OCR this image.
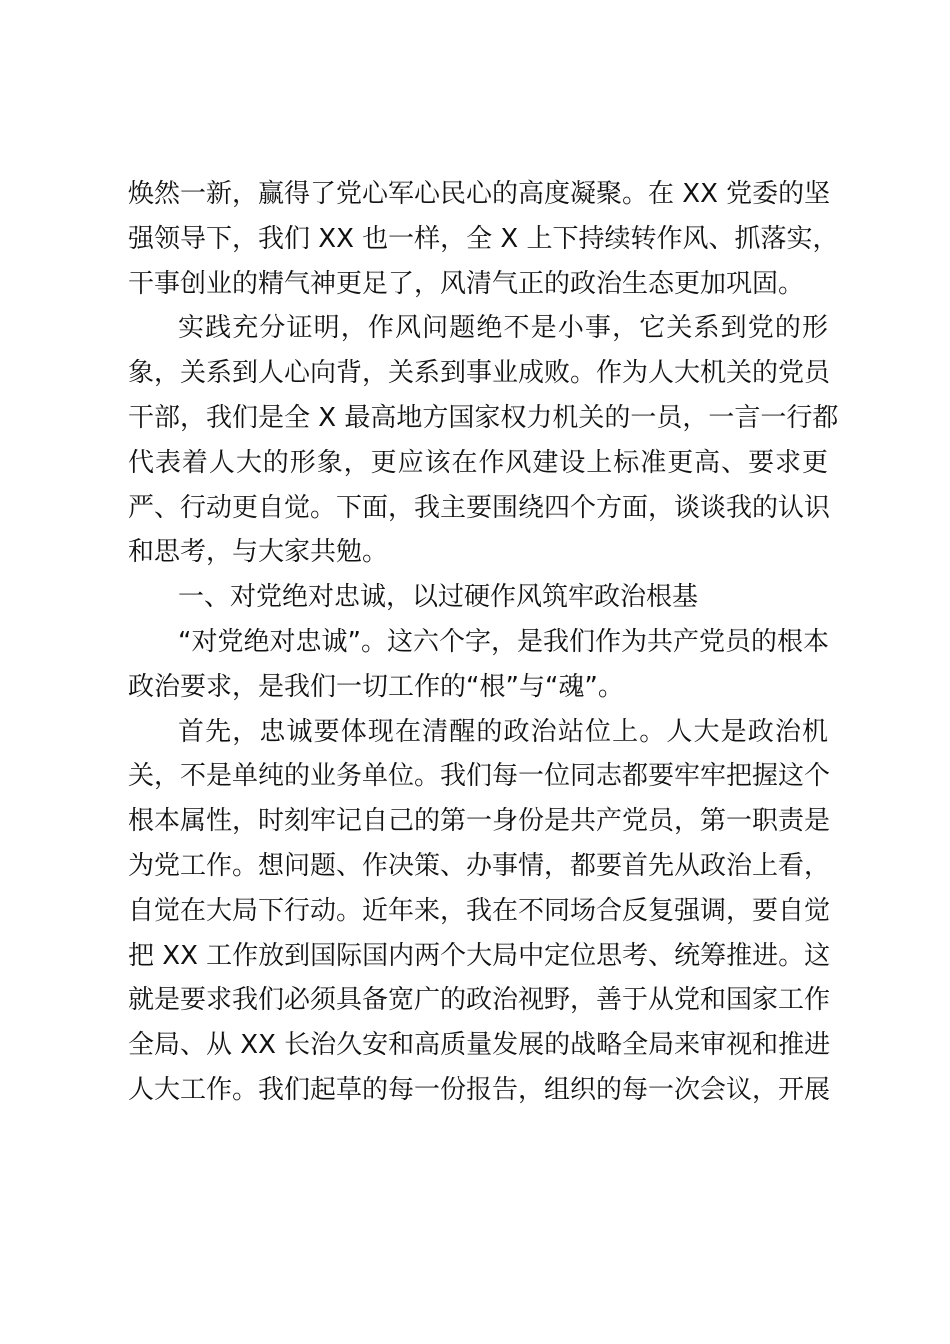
焕然一新，赢得了党心军心民心的高度凝聚。在 XX 党委的坚
强领导下，我们 XX 也一样，全 X 上下持续转作风、抓落实，
干事创业的精气神更足了，风清气正的政治生态更加巩固。
实践充分证明，作风问题绝不是小事，它关系到党的形
象，关系到人心向背，关系到事业成败。作为人大机关的党员
干部，我们是全 X 最高地方国家权力机关的一员，一言一行都
代表着人大的形象，更应该在作风建设上标准更高、要求更
严、行动更自觉。下面，我主要围绕四个方面，谈谈我的认识
和思考，与大家共勉。
一、对党绝对忠诚，以过硬作风筑牢政治根基
“对党绝对忠诚”。这六个字，是我们作为共产党员的根本
政治要求，是我们一切工作的“根”与“魂”。
首先，忠诚要体现在清醒的政治站位上。人大是政治机
关，不是单纯的业务单位。我们每一位同志都要牢牢把握这个
根本属性，时刻牢记自己的第一身份是共产党员，第一职责是
为党工作。想问题、作决策、办事情，都要首先从政治上看，
自觉在大局下行动。近年来，我在不同场合反复强调，要自觉
把 XX 工作放到国际国内两个大局中定位思考、统筹推进。这
就是要求我们必须具备宽广的政治视野，善于从党和国家工作
全局、从 XX 长治久安和高质量发展的战略全局来审视和推进
人大工作。我们起草的每一份报告，组织的每一次会议，开展
